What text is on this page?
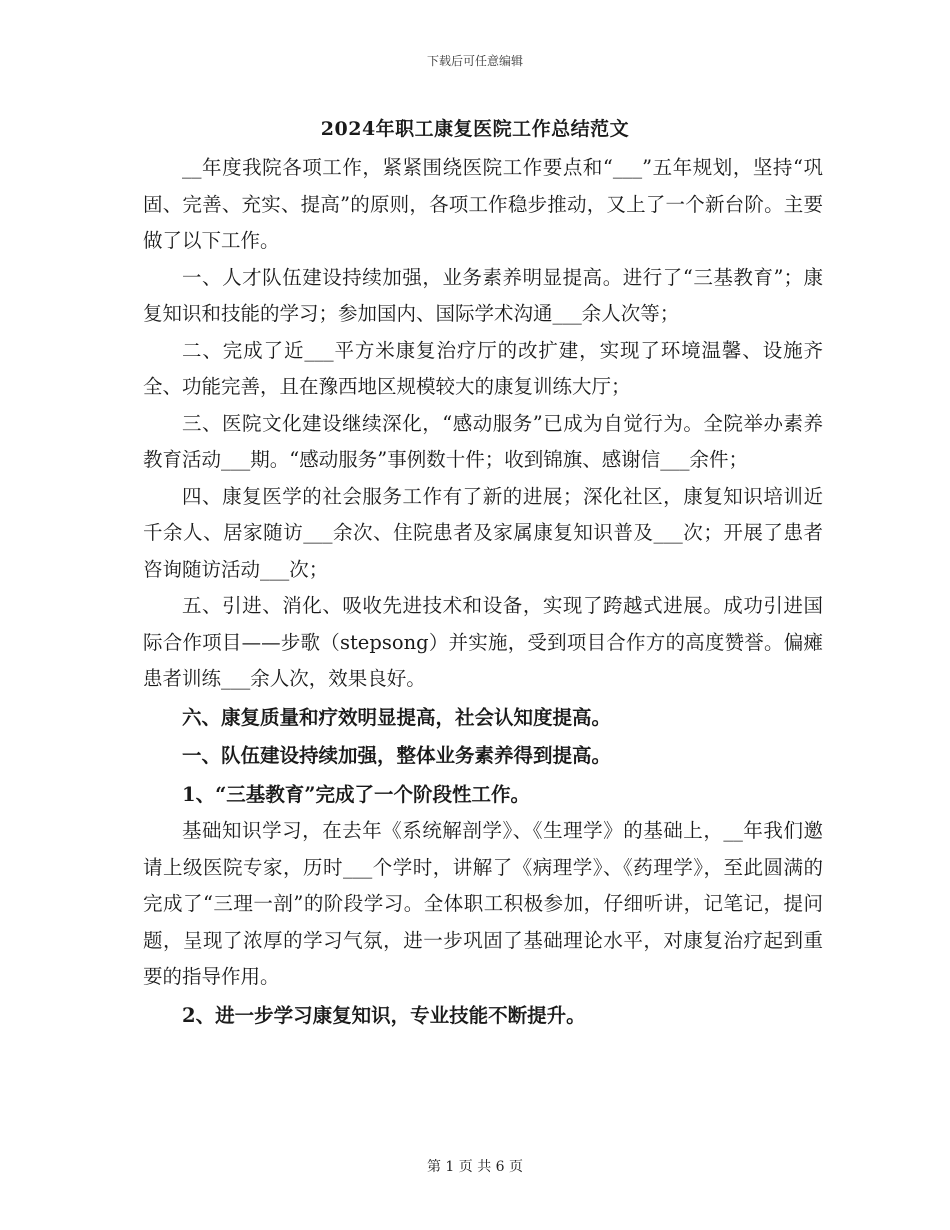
下载后可任意编辑
2024年职工康复医院工作总结范文

__年度我院各项工作，紧紧围绕医院工作要点和“___”五年规划，坚持“巩固、完善、充实、提高”的原则，各项工作稳步推动，又上了一个新台阶。主要做了以下工作。

一、人才队伍建设持续加强，业务素养明显提高。进行了“三基教育”；康复知识和技能的学习；参加国内、国际学术沟通___余人次等；

二、完成了近___平方米康复治疗厅的改扩建，实现了环境温馨、设施齐全、功能完善，且在豫西地区规模较大的康复训练大厅；

三、医院文化建设继续深化，“感动服务”已成为自觉行为。全院举办素养教育活动___期。“感动服务”事例数十件；收到锦旗、感谢信___余件；

四、康复医学的社会服务工作有了新的进展；深化社区，康复知识培训近千余人、居家随访___余次、住院患者及家属康复知识普及___次；开展了患者咨询随访活动___次；

五、引进、消化、吸收先进技术和设备，实现了跨越式进展。成功引进国际合作项目——步歌（stepsong）并实施，受到项目合作方的高度赞誉。偏瘫患者训练___余人次，效果良好。

六、康复质量和疗效明显提高，社会认知度提高。

一、队伍建设持续加强，整体业务素养得到提高。

1、“三基教育”完成了一个阶段性工作。

基础知识学习，在去年《系统解剖学》、《生理学》的基础上，__年我们邀请上级医院专家，历时___个学时，讲解了《病理学》、《药理学》，至此圆满的完成了“三理一剖”的阶段学习。全体职工积极参加，仔细听讲，记笔记，提问题，呈现了浓厚的学习气氛，进一步巩固了基础理论水平，对康复治疗起到重要的指导作用。

2、进一步学习康复知识，专业技能不断提升。

第 1 页 共 6 页
